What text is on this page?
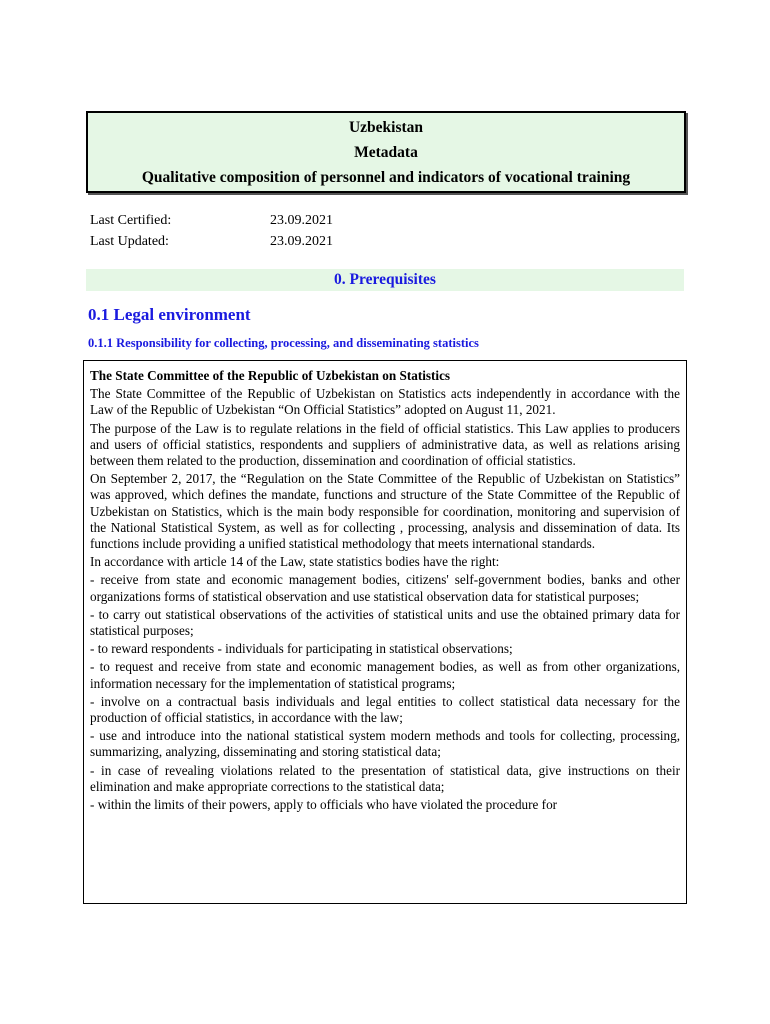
Uzbekistan
Metadata
Qualitative composition of personnel and indicators of vocational training
Last Certified:	23.09.2021
Last Updated:	23.09.2021
0. Prerequisites
0.1 Legal environment
0.1.1 Responsibility for collecting, processing, and disseminating statistics

The State Committee of the Republic of Uzbekistan on Statistics

The State Committee of the Republic of Uzbekistan on Statistics acts independently in accordance with the Law of the Republic of Uzbekistan “On Official Statistics” adopted on August 11, 2021.

The purpose of the Law is to regulate relations in the field of official statistics. This Law applies to producers and users of official statistics, respondents and suppliers of administrative data, as well as relations arising between them related to the production, dissemination and coordination of official statistics.

On September 2, 2017, the “Regulation on the State Committee of the Republic of Uzbekistan on Statistics” was approved, which defines the mandate, functions and structure of the State Committee of the Republic of Uzbekistan on Statistics, which is the main body responsible for coordination, monitoring and supervision of the National Statistical System, as well as for collecting , processing, analysis and dissemination of data. Its functions include providing a unified statistical methodology that meets international standards.

In accordance with article 14 of the Law, state statistics bodies have the right:

- receive from state and economic management bodies, citizens' self-government bodies, banks and other organizations forms of statistical observation and use statistical observation data for statistical purposes;

- to carry out statistical observations of the activities of statistical units and use the obtained primary data for statistical purposes;

- to reward respondents - individuals for participating in statistical observations;

- to request and receive from state and economic management bodies, as well as from other organizations, information necessary for the implementation of statistical programs;

- involve on a contractual basis individuals and legal entities to collect statistical data necessary for the production of official statistics, in accordance with the law;

- use and introduce into the national statistical system modern methods and tools for collecting, processing, summarizing, analyzing, disseminating and storing statistical data;

- in case of revealing violations related to the presentation of statistical data, give instructions on their elimination and make appropriate corrections to the statistical data;

- within the limits of their powers, apply to officials who have violated the procedure for
